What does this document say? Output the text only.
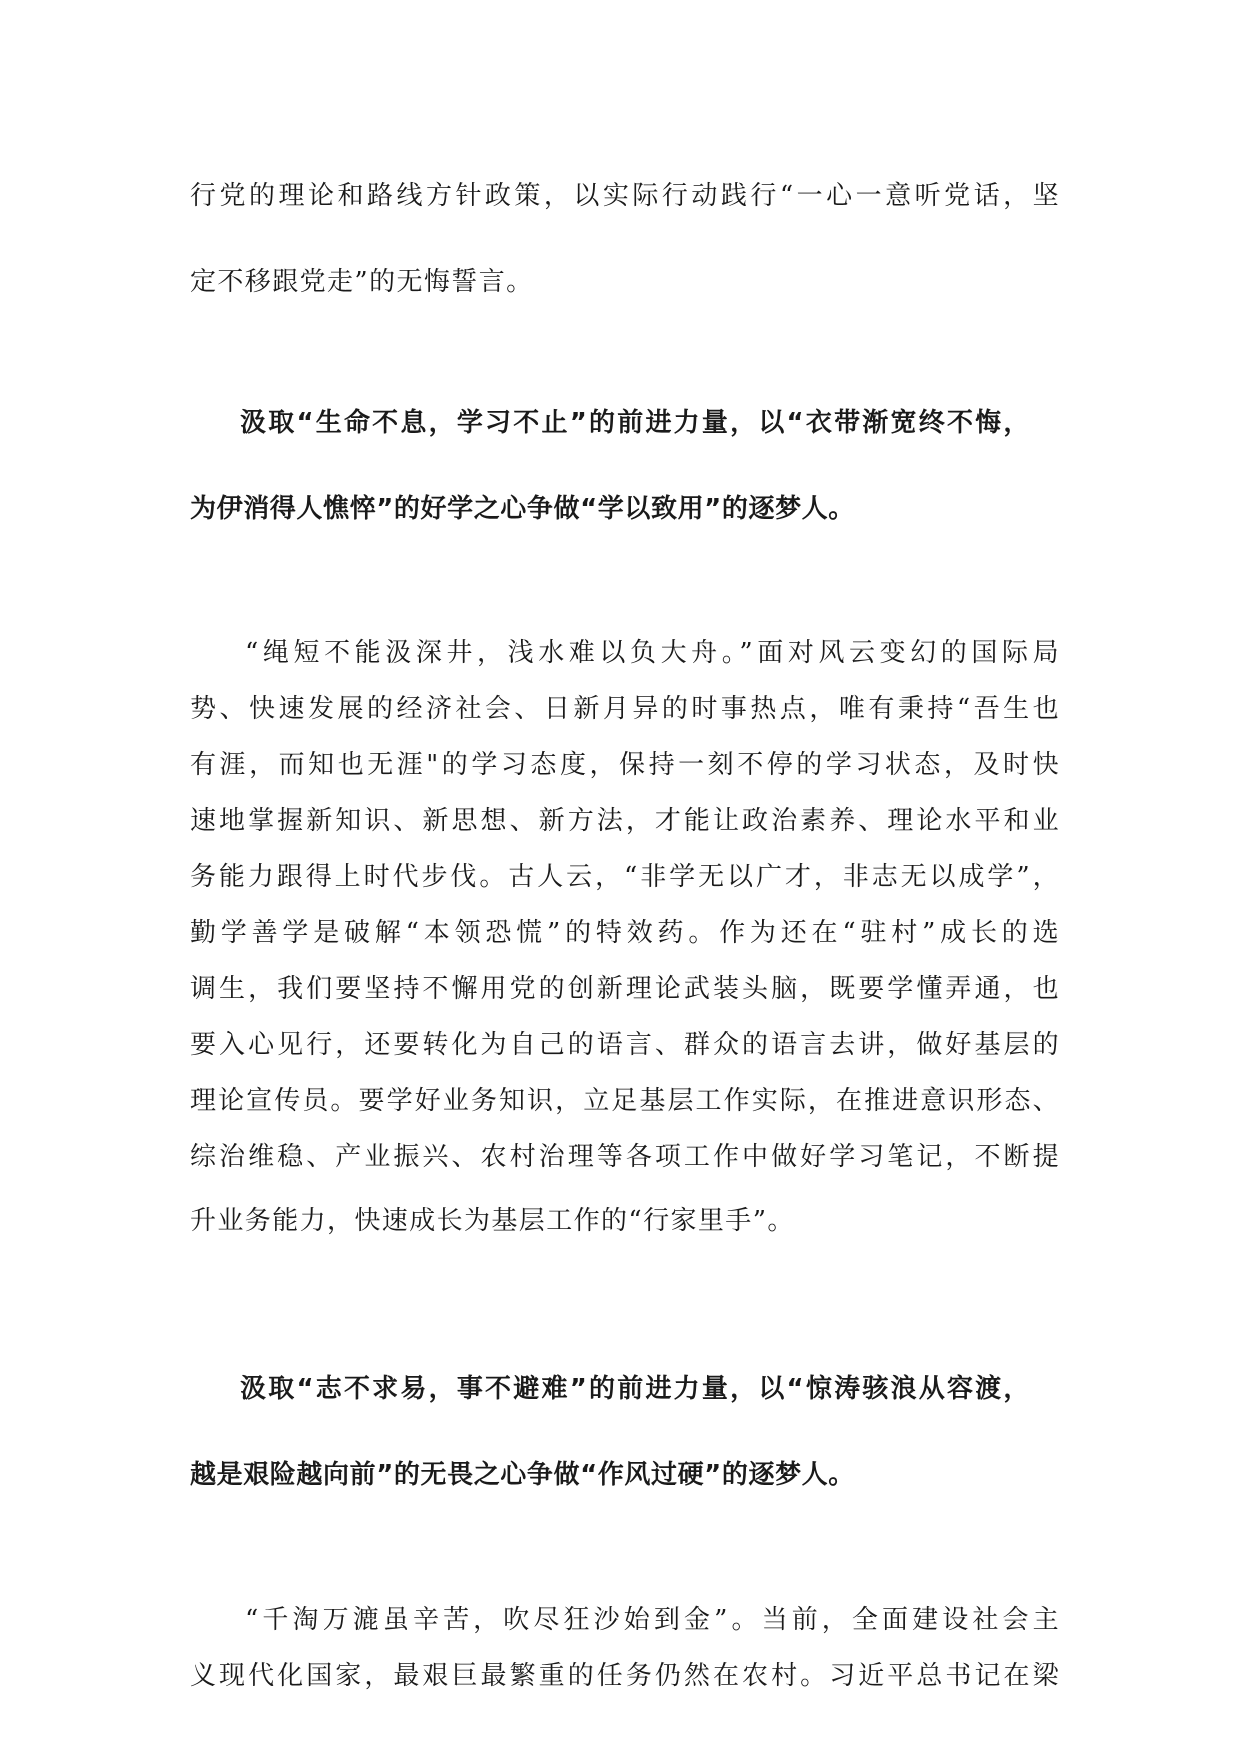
行党的理论和路线方针政策，以实际行动践行“一心一意听党话，坚
定不移跟党走”的无悔誓言。
汲取“生命不息，学习不止”的前进力量，以“衣带渐宽终不悔，
为伊消得人憔悴”的好学之心争做“学以致用”的逐梦人。
“绳短不能汲深井，浅水难以负大舟。”面对风云变幻的国际局
势、快速发展的经济社会、日新月异的时事热点，唯有秉持“吾生也
有涯，而知也无涯"的学习态度，保持一刻不停的学习状态，及时快
速地掌握新知识、新思想、新方法，才能让政治素养、理论水平和业
务能力跟得上时代步伐。古人云，“非学无以广才，非志无以成学”，
勤学善学是破解“本领恐慌”的特效药。作为还在“驻村”成长的选
调生，我们要坚持不懈用党的创新理论武装头脑，既要学懂弄通，也
要入心见行，还要转化为自己的语言、群众的语言去讲，做好基层的
理论宣传员。要学好业务知识，立足基层工作实际，在推进意识形态、
综治维稳、产业振兴、农村治理等各项工作中做好学习笔记，不断提
升业务能力，快速成长为基层工作的“行家里手”。
汲取“志不求易，事不避难”的前进力量，以“惊涛骇浪从容渡，
越是艰险越向前”的无畏之心争做“作风过硬”的逐梦人。
“千淘万漉虽辛苦，吹尽狂沙始到金”。当前，全面建设社会主
义现代化国家，最艰巨最繁重的任务仍然在农村。习近平总书记在梁
